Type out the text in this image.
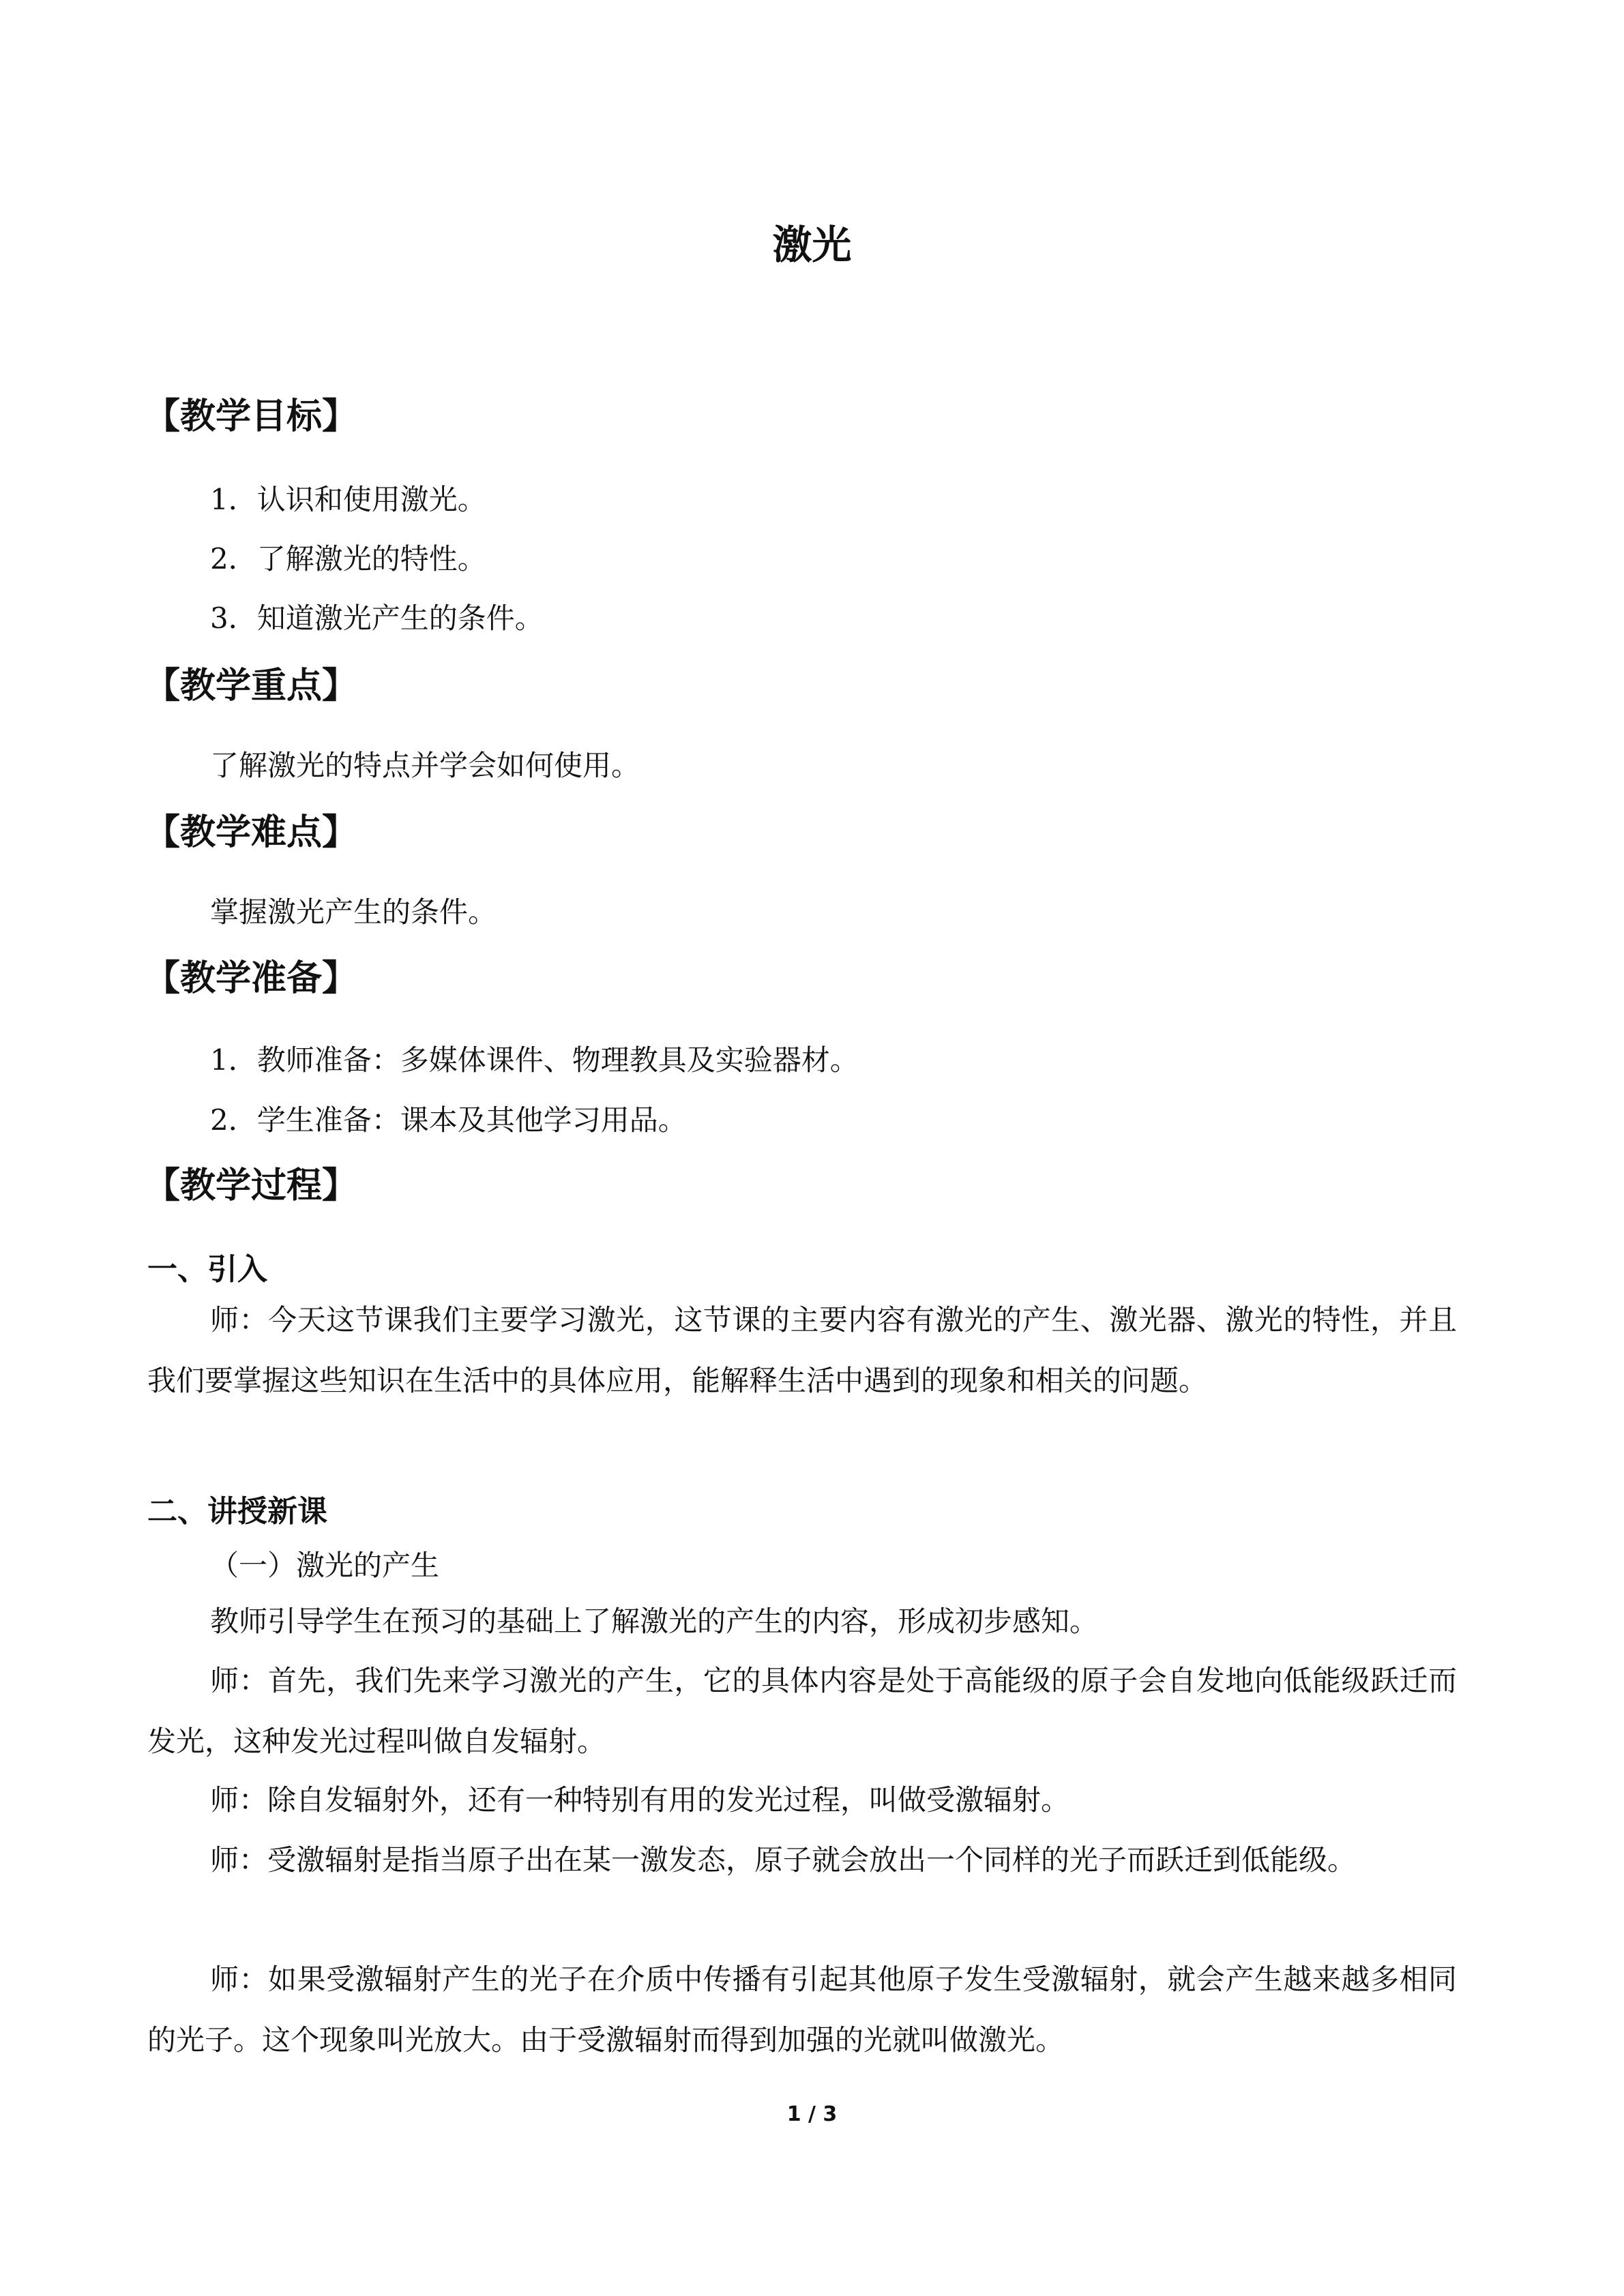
激光
【教学目标】
1．认识和使用激光。
2．了解激光的特性。
3．知道激光产生的条件。
【教学重点】
了解激光的特点并学会如何使用。
【教学难点】
掌握激光产生的条件。
【教学准备】
1．教师准备：多媒体课件、物理教具及实验器材。
2．学生准备：课本及其他学习用品。
【教学过程】
一、引入
师：今天这节课我们主要学习激光，这节课的主要内容有激光的产生、激光器、激光的特性，并且我们要掌握这些知识在生活中的具体应用，能解释生活中遇到的现象和相关的问题。
二、讲授新课
（一）激光的产生
教师引导学生在预习的基础上了解激光的产生的内容，形成初步感知。
师：首先，我们先来学习激光的产生，它的具体内容是处于高能级的原子会自发地向低能级跃迁而发光，这种发光过程叫做自发辐射。
师：除自发辐射外，还有一种特别有用的发光过程，叫做受激辐射。
师：受激辐射是指当原子出在某一激发态，原子就会放出一个同样的光子而跃迁到低能级。
师：如果受激辐射产生的光子在介质中传播有引起其他原子发生受激辐射，就会产生越来越多相同的光子。这个现象叫光放大。由于受激辐射而得到加强的光就叫做激光。
1 / 3
